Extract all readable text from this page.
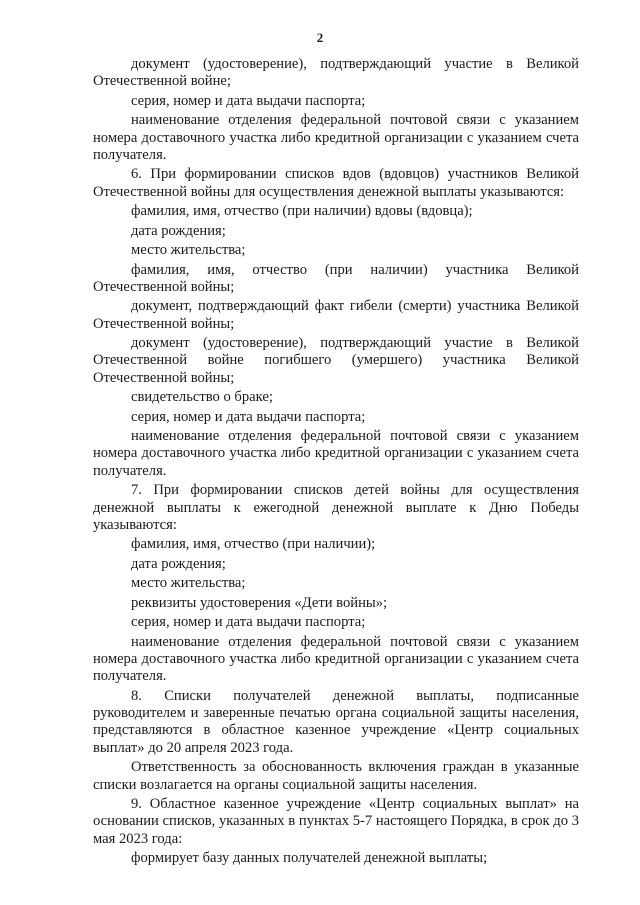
2

документ (удостоверение), подтверждающий участие в Великой Отечественной войне;

серия, номер и дата выдачи паспорта;

наименование отделения федеральной почтовой связи с указанием номера доставочного участка либо кредитной организации с указанием счета получателя.

6. При формировании списков вдов (вдовцов) участников Великой Отечественной войны для осуществления денежной выплаты указываются:

фамилия, имя, отчество (при наличии) вдовы (вдовца);

дата рождения;

место жительства;

фамилия, имя, отчество (при наличии) участника Великой Отечественной войны;

документ, подтверждающий факт гибели (смерти) участника Великой Отечественной войны;

документ (удостоверение), подтверждающий участие в Великой Отечественной войне погибшего (умершего) участника Великой Отечественной войны;

свидетельство о браке;

серия, номер и дата выдачи паспорта;

наименование отделения федеральной почтовой связи с указанием номера доставочного участка либо кредитной организации с указанием счета получателя.

7. При формировании списков детей войны для осуществления денежной выплаты к ежегодной денежной выплате к Дню Победы указываются:

фамилия, имя, отчество (при наличии);

дата рождения;

место жительства;

реквизиты удостоверения «Дети войны»;

серия, номер и дата выдачи паспорта;

наименование отделения федеральной почтовой связи с указанием номера доставочного участка либо кредитной организации с указанием счета получателя.

8. Списки получателей денежной выплаты, подписанные руководителем и заверенные печатью органа социальной защиты населения, представляются в областное казенное учреждение «Центр социальных выплат» до 20 апреля 2023 года.

Ответственность за обоснованность включения граждан в указанные списки возлагается на органы социальной защиты населения.

9. Областное казенное учреждение «Центр социальных выплат» на основании списков, указанных в пунктах 5-7 настоящего Порядка, в срок до 3 мая 2023 года:

формирует базу данных получателей денежной выплаты;
